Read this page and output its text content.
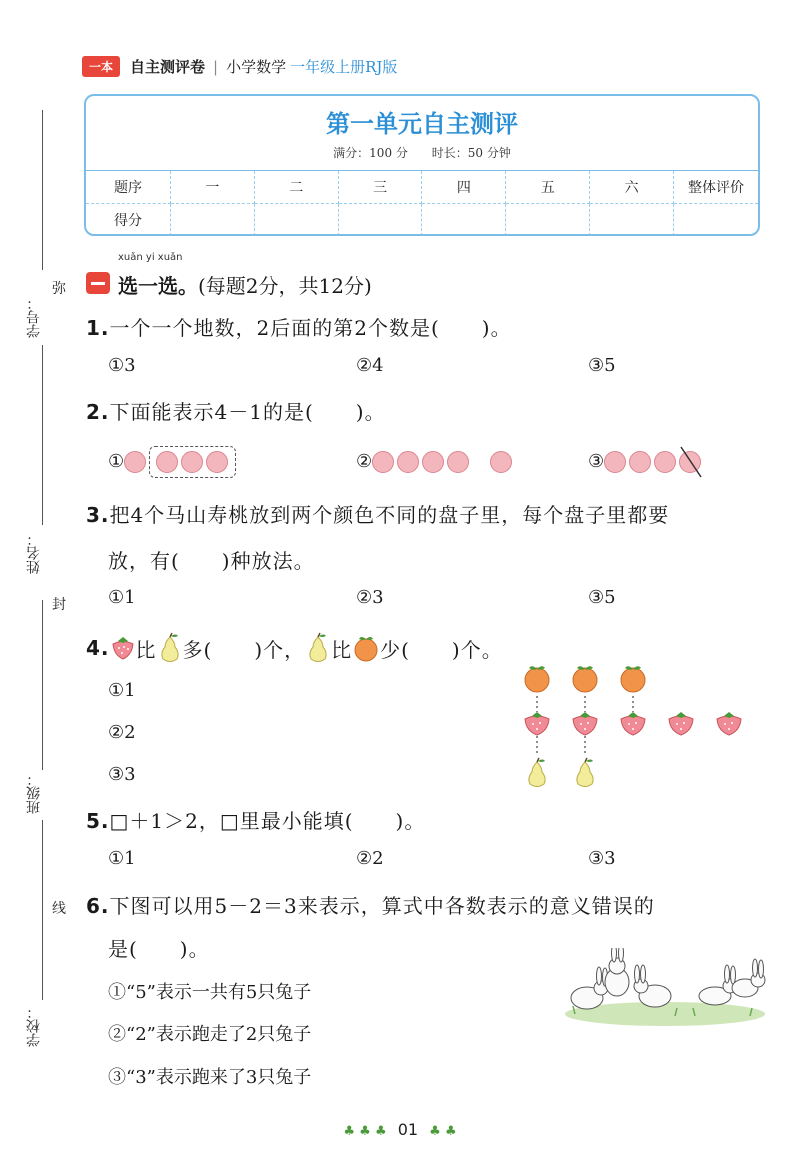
一本	自主测评卷 | 小学数学 一年级上册RJ版
第一单元自主测评
满分：100 分 时长：50 分钟
题序	一	二	三	四	五	六	整体评价
得分							
学号：
姓名：
班级：
学校：
弥
封
线
xuǎn yi xuǎn
选一选。(每题2分，共12分)
1.一个一个地数，2后面的第2个数是(　　)。
①3	②4	③5
2.下面能表示4－1的是(　　)。
①	②	③
3.把4个马山寿桃放到两个颜色不同的盘子里，每个盘子里都要
放，有(　　)种放法。
①1	②3	③5
4. 比 多(　　)个， 比 少(　　)个。
①1
②2
③3
5.□＋1＞2，□里最小能填(　　)。
①1	②2	③3
6.下图可以用5－2＝3来表示，算式中各数表示的意义错误的
是(　　)。
①“5”表示一共有5只兔子
②“2”表示跑走了2只兔子
③“3”表示跑来了3只兔子
♣ ♣ ♣ 01 ♣ ♣
